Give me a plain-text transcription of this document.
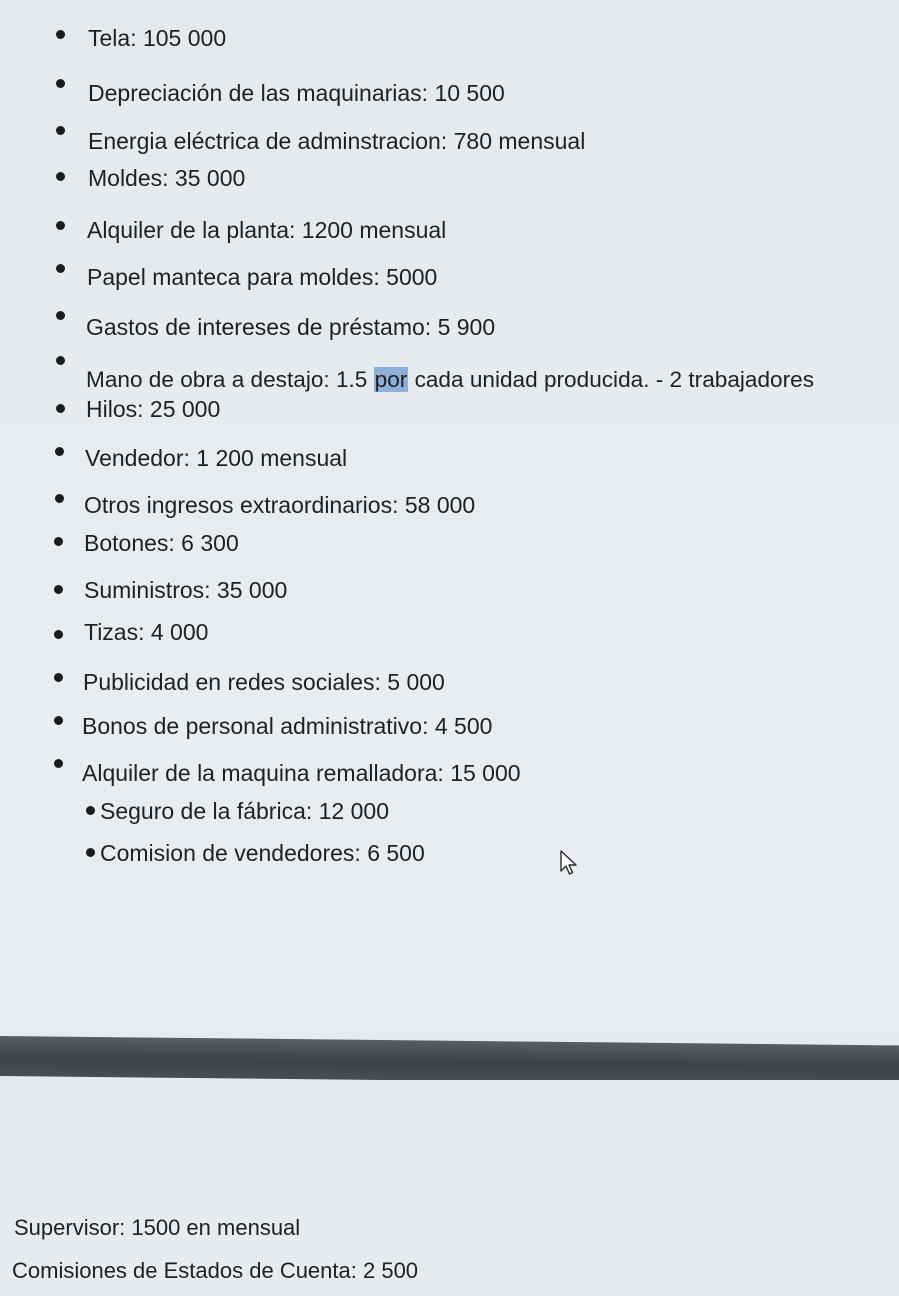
Tela: 105 000
Depreciación de las maquinarias: 10 500
Energia eléctrica de adminstracion: 780 mensual
Moldes: 35 000
Alquiler de la planta: 1200 mensual
Papel manteca para moldes: 5000
Gastos de intereses de préstamo: 5 900
Mano de obra a destajo: 1.5 por cada unidad producida. - 2 trabajadores
Hilos: 25 000
Vendedor: 1 200 mensual
Otros ingresos extraordinarios: 58 000
Botones: 6 300
Suministros: 35 000
Tizas: 4 000
Publicidad en redes sociales: 5 000
Bonos de personal administrativo: 4 500
Alquiler de la maquina remalladora: 15 000
Seguro de la fábrica: 12 000
Comision de vendedores: 6 500
Supervisor: 1500 en mensual
Comisiones de Estados de Cuenta: 2 500
